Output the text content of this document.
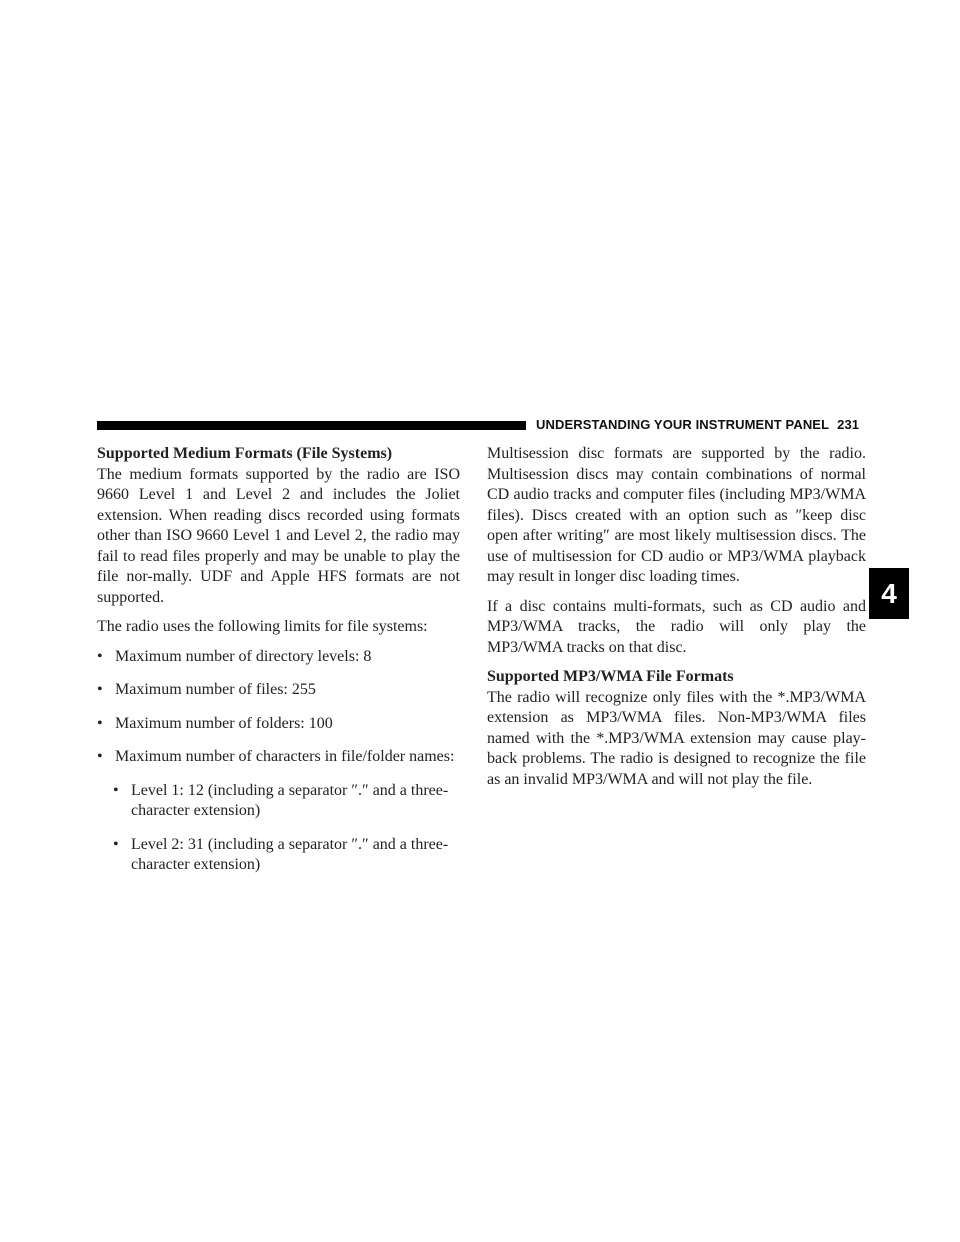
UNDERSTANDING YOUR INSTRUMENT PANEL 231
4
Supported Medium Formats (File Systems)

The medium formats supported by the radio are ISO 9660 Level 1 and Level 2 and includes the Joliet extension. When reading discs recorded using formats other than ISO 9660 Level 1 and Level 2, the radio may fail to read files properly and may be unable to play the file nor-mally. UDF and Apple HFS formats are not supported.

The radio uses the following limits for file systems:

• Maximum number of directory levels: 8
• Maximum number of files: 255
• Maximum number of folders: 100
• Maximum number of characters in file/folder names:
• Level 1: 12 (including a separator ″.″ and a three-character extension)
• Level 2: 31 (including a separator ″.″ and a three-character extension)

Multisession disc formats are supported by the radio. Multisession discs may contain combinations of normal CD audio tracks and computer files (including MP3/WMA files). Discs created with an option such as ″keep disc open after writing″ are most likely multisession discs. The use of multisession for CD audio or MP3/WMA playback may result in longer disc loading times.

If a disc contains multi-formats, such as CD audio and MP3/WMA tracks, the radio will only play the MP3/WMA tracks on that disc.

Supported MP3/WMA File Formats

The radio will recognize only files with the *.MP3/WMA extension as MP3/WMA files. Non-MP3/WMA files named with the *.MP3/WMA extension may cause play-back problems. The radio is designed to recognize the file as an invalid MP3/WMA and will not play the file.
